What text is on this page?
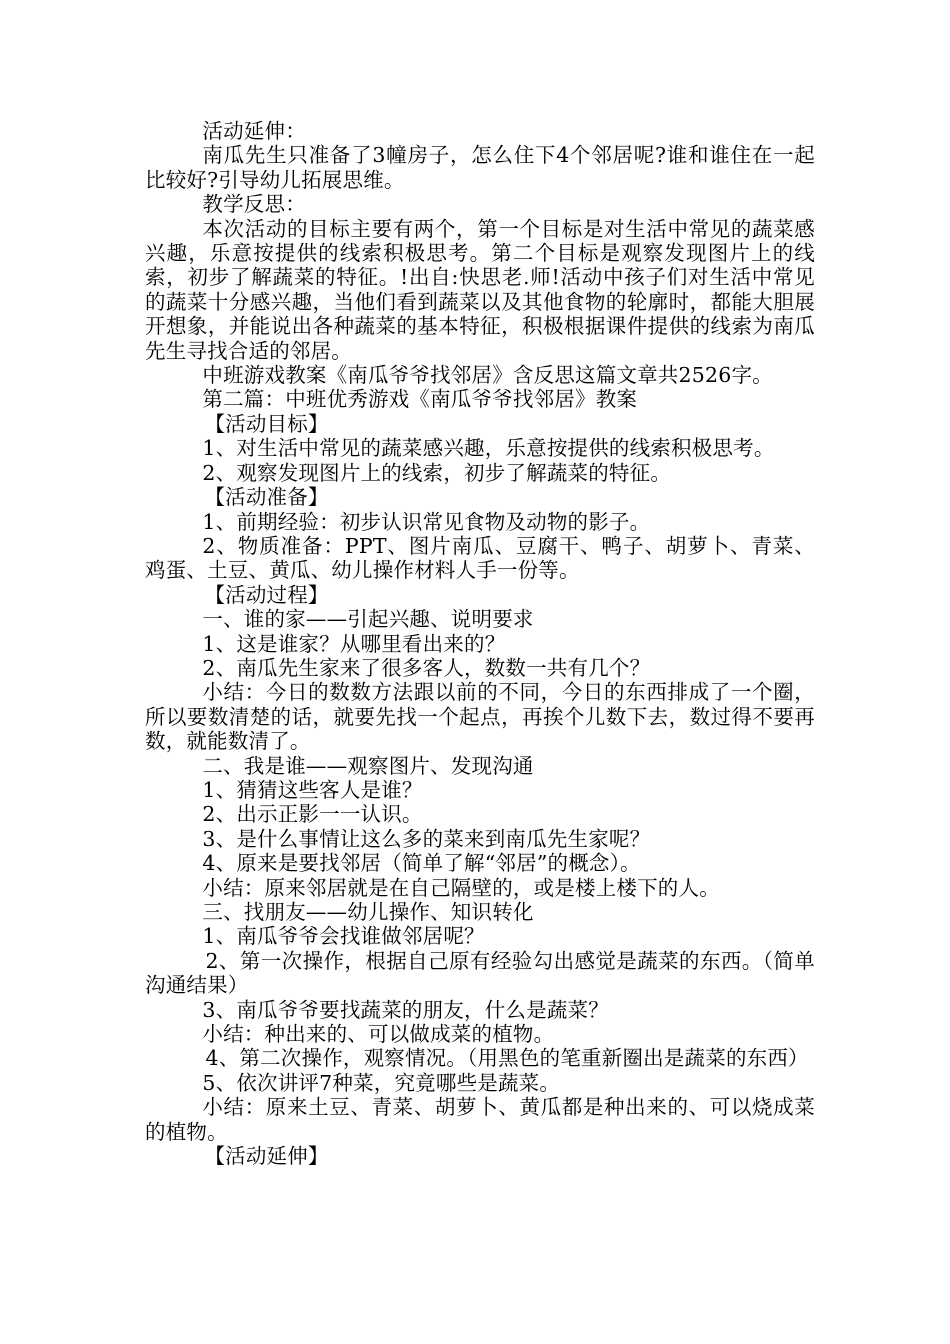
活动延伸：

南瓜先生只准备了3幢房子，怎么住下4个邻居呢?谁和谁住在一起比较好?引导幼儿拓展思维。

教学反思：

本次活动的目标主要有两个，第一个目标是对生活中常见的蔬菜感兴趣，乐意按提供的线索积极思考。第二个目标是观察发现图片上的线索，初步了解蔬菜的特征。!出自:快思老.师!活动中孩子们对生活中常见的蔬菜十分感兴趣，当他们看到蔬菜以及其他食物的轮廓时，都能大胆展开想象，并能说出各种蔬菜的基本特征，积极根据课件提供的线索为南瓜先生寻找合适的邻居。

中班游戏教案《南瓜爷爷找邻居》含反思这篇文章共2526字。

第二篇：中班优秀游戏《南瓜爷爷找邻居》教案

【活动目标】

1、对生活中常见的蔬菜感兴趣，乐意按提供的线索积极思考。

2、观察发现图片上的线索，初步了解蔬菜的特征。

【活动准备】

1、前期经验：初步认识常见食物及动物的影子。

2、物质准备：PPT、图片南瓜、豆腐干、鸭子、胡萝卜、青菜、鸡蛋、土豆、黄瓜、幼儿操作材料人手一份等。

【活动过程】

一、谁的家——引起兴趣、说明要求

1、这是谁家？从哪里看出来的？

2、南瓜先生家来了很多客人，数数一共有几个？

小结：今日的数数方法跟以前的不同，今日的东西排成了一个圈，所以要数清楚的话，就要先找一个起点，再挨个儿数下去，数过得不要再数，就能数清了。

二、我是谁——观察图片、发现沟通

1、猜猜这些客人是谁？

2、出示正影一一认识。

3、是什么事情让这么多的菜来到南瓜先生家呢？

4、原来是要找邻居（简单了解“邻居”的概念）。

小结：原来邻居就是在自己隔壁的，或是楼上楼下的人。

三、找朋友——幼儿操作、知识转化

1、南瓜爷爷会找谁做邻居呢？

2、第一次操作，根据自己原有经验勾出感觉是蔬菜的东西。（简单沟通结果）

3、南瓜爷爷要找蔬菜的朋友，什么是蔬菜？

小结：种出来的、可以做成菜的植物。

4、第二次操作，观察情况。（用黑色的笔重新圈出是蔬菜的东西）

5、依次讲评7种菜，究竟哪些是蔬菜。

小结：原来土豆、青菜、胡萝卜、黄瓜都是种出来的、可以烧成菜的植物。

【活动延伸】
